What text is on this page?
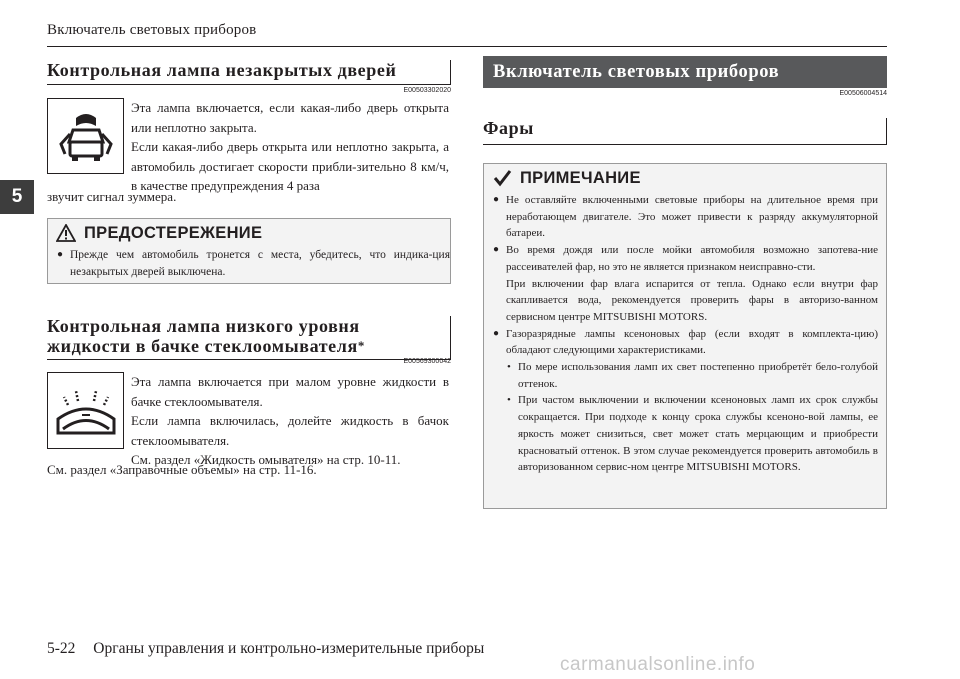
Включатель световых приборов
5
Контрольная лампа незакрытых дверей
E00503302020

Эта лампа включается, если какая-либо дверь открыта или неплотно закрыта.
Если какая-либо дверь открыта или неплотно закрыта, а автомобиль достигает скорости прибли-зительно 8 км/ч, в качестве предупреждения 4 раза

звучит сигнал зуммера.

ПРЕДОСТЕРЕЖЕНИЕ

● Прежде чем автомобиль тронется с места, убедитесь, что индика-ция незакрытых дверей выключена.

Контрольная лампа низкого уровня
жидкости в бачке стеклоомывателя*
E00569300042

Эта лампа включается при малом уровне жидкости в бачке стеклоомывателя.
Если лампа включилась, долейте жидкость в бачок стеклоомывателя.
См. раздел «Жидкость омывателя» на стр. 10-11.

См. раздел «Заправочные объемы» на стр. 11-16.

Включатель световых приборов
E00506004514
Фары
ПРИМЕЧАНИЕ

● Не оставляйте включенными световые приборы на длительное время при неработающем двигателе. Это может привести к разряду аккумуляторной батареи.

● Во время дождя или после мойки автомобиля возможно запотева-ние рассеивателей фар, но это не является признаком неисправно-сти.

При включении фар влага испарится от тепла. Однако если внутри фар скапливается вода, рекомендуется проверить фары в авторизо-ванном сервисном центре MITSUBISHI MOTORS.

● Газоразрядные лампы ксеноновых фар (если входят в комплекта-цию) обладают следующими характеристиками.

• По мере использования ламп их свет постепенно приобретёт бело-голубой оттенок.

• При частом выключении и включении ксеноновых ламп их срок службы сокращается. При подходе к концу срока службы ксеноно-вой лампы, ее яркость может снизиться, свет может стать мерцающим и приобрести красноватый оттенок. В этом случае рекомендуется проверить автомобиль в авторизованном сервис-ном центре MITSUBISHI MOTORS.

5-22 Органы управления и контрольно-измерительные приборы
carmanualsonline.info
